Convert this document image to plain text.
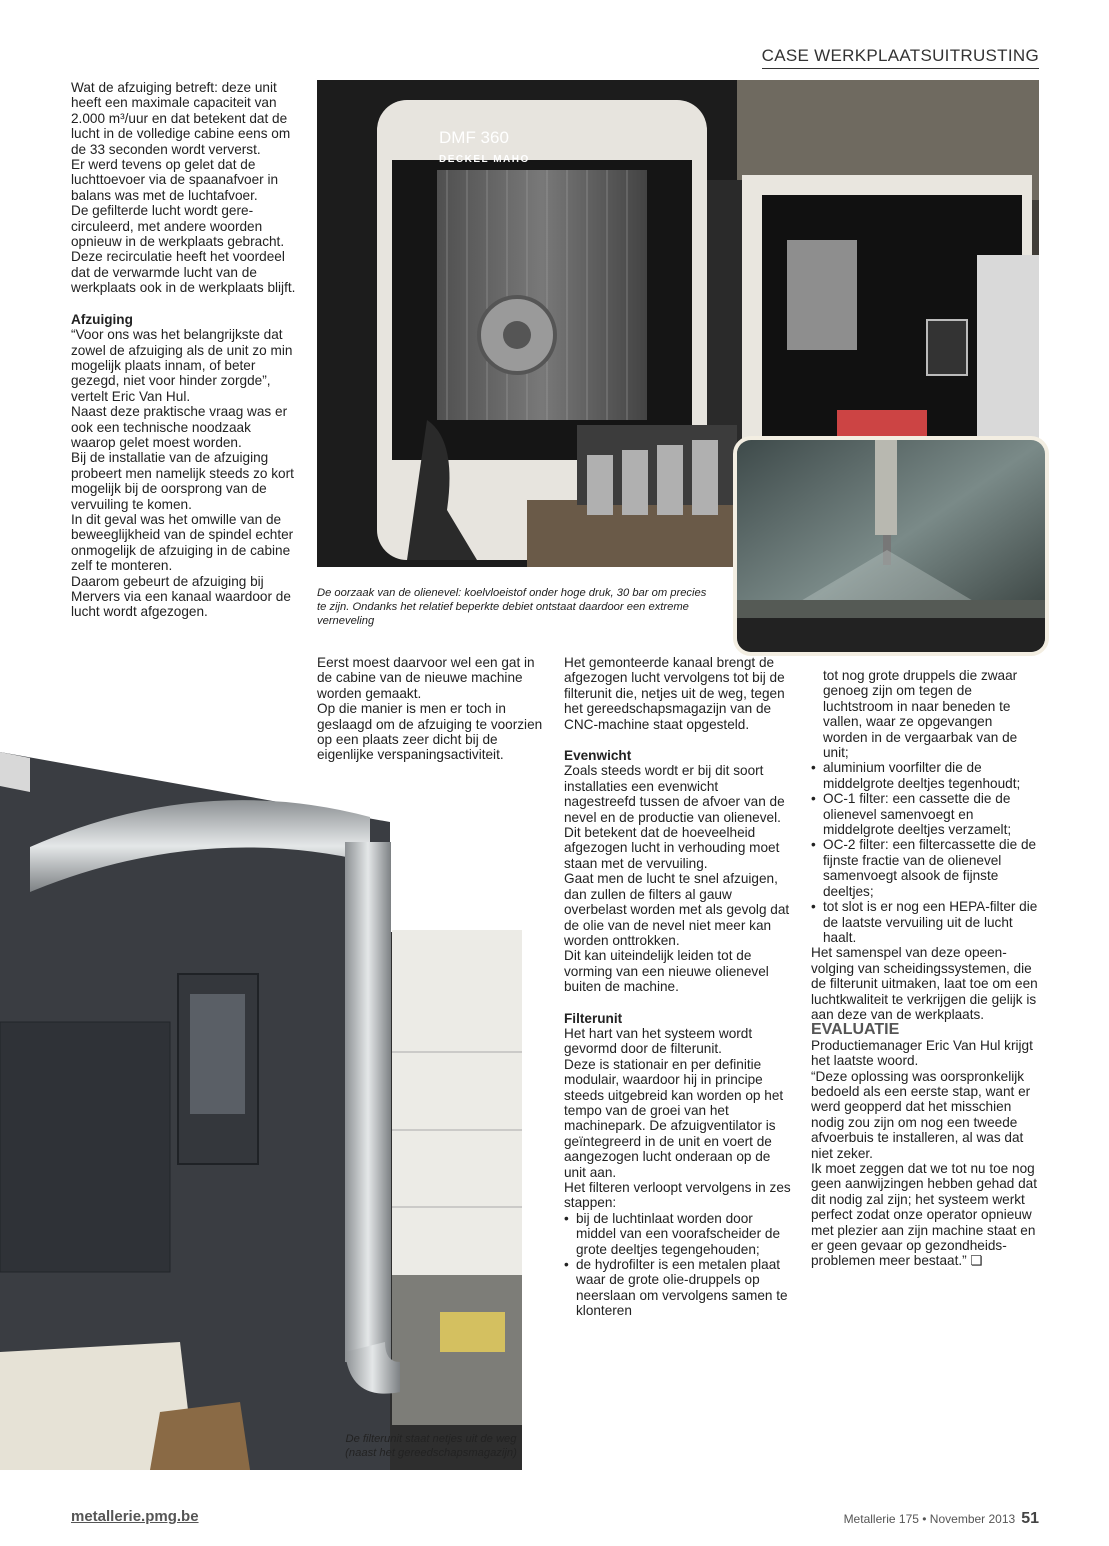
CASE WERKPLAATSUITRUSTING
DMF 360
DECKEL MAHO
De oorzaak van de olienevel: koelvloeistof onder hoge druk, 30 bar om precies te zijn. Ondanks het relatief beperkte debiet ontstaat daardoor een extreme verneveling
De filterunit staat netjes uit de weg (naast het gereedschapsmagazijn)

Wat de afzuiging betreft: deze unit heeft een maximale capaciteit van 2.000 m³/uur en dat betekent dat de lucht in de volledige cabine eens om de 33 seconden wordt ververst.

Er werd tevens op gelet dat de luchttoevoer via de spaanafvoer in balans was met de luchtafvoer.

De gefilterde lucht wordt gere-circuleerd, met andere woorden opnieuw in de werkplaats gebracht.

Deze recirculatie heeft het voordeel dat de verwarmde lucht van de werkplaats ook in de werkplaats blijft.

Afzuiging

“Voor ons was het belangrijkste dat zowel de afzuiging als de unit zo min mogelijk plaats innam, of beter gezegd, niet voor hinder zorgde”, vertelt Eric Van Hul.

Naast deze praktische vraag was er ook een technische noodzaak waarop gelet moest worden.

Bij de installatie van de afzuiging probeert men namelijk steeds zo kort mogelijk bij de oorsprong van de vervuiling te komen.

In dit geval was het omwille van de beweeglijkheid van de spindel echter onmogelijk de afzuiging in de cabine zelf te monteren.

Daarom gebeurt de afzuiging bij Mervers via een kanaal waardoor de lucht wordt afgezogen.

Eerst moest daarvoor wel een gat in de cabine van de nieuwe machine worden gemaakt.

Op die manier is men er toch in geslaagd om de afzuiging te voorzien op een plaats zeer dicht bij de eigenlijke verspaningsactiviteit.

Het gemonteerde kanaal brengt de afgezogen lucht vervolgens tot bij de filterunit die, netjes uit de weg, tegen het gereedschapsmagazijn van de CNC-machine staat opgesteld.

Evenwicht

Zoals steeds wordt er bij dit soort installaties een evenwicht nagestreefd tussen de afvoer van de nevel en de productie van olienevel.

Dit betekent dat de hoeveelheid afgezogen lucht in verhouding moet staan met de vervuiling.

Gaat men de lucht te snel afzuigen, dan zullen de filters al gauw overbelast worden met als gevolg dat de olie van de nevel niet meer kan worden onttrokken.

Dit kan uiteindelijk leiden tot de vorming van een nieuwe olienevel buiten de machine.

Filterunit

Het hart van het systeem wordt gevormd door de filterunit.

Deze is stationair en per definitie modulair, waardoor hij in principe steeds uitgebreid kan worden op het tempo van de groei van het machinepark. De afzuigventilator is geïntegreerd in de unit en voert de aangezogen lucht onderaan op de unit aan.

Het filteren verloopt vervolgens in zes stappen:

• bij de luchtinlaat worden door middel van een voorafscheider de grote deeltjes tegengehouden;

• de hydrofilter is een metalen plaat waar de grote olie-druppels op neerslaan om vervolgens samen te klonteren

tot nog grote druppels die zwaar genoeg zijn om tegen de luchtstroom in naar beneden te vallen, waar ze opgevangen worden in de vergaarbak van de unit;

• aluminium voorfilter die de middelgrote deeltjes tegenhoudt;

• OC-1 filter: een cassette die de olienevel samenvoegt en middelgrote deeltjes verzamelt;

• OC-2 filter: een filtercassette die de fijnste fractie van de olienevel samenvoegt alsook de fijnste deeltjes;

• tot slot is er nog een HEPA-filter die de laatste vervuiling uit de lucht haalt.

Het samenspel van deze opeen-volging van scheidingssystemen, die de filterunit uitmaken, laat toe om een luchtkwaliteit te verkrijgen die gelijk is aan deze van de werkplaats.

EVALUATIE

Productiemanager Eric Van Hul krijgt het laatste woord.

“Deze oplossing was oorspronkelijk bedoeld als een eerste stap, want er werd geopperd dat het misschien nodig zou zijn om nog een tweede afvoerbuis te installeren, al was dat niet zeker.

Ik moet zeggen dat we tot nu toe nog geen aanwijzingen hebben gehad dat dit nodig zal zijn; het systeem werkt perfect zodat onze operator opnieuw met plezier aan zijn machine staat en er geen gevaar op gezondheids-problemen meer bestaat.” ❏

metallerie.pmg.be	Metallerie 175 • November 2013 51
